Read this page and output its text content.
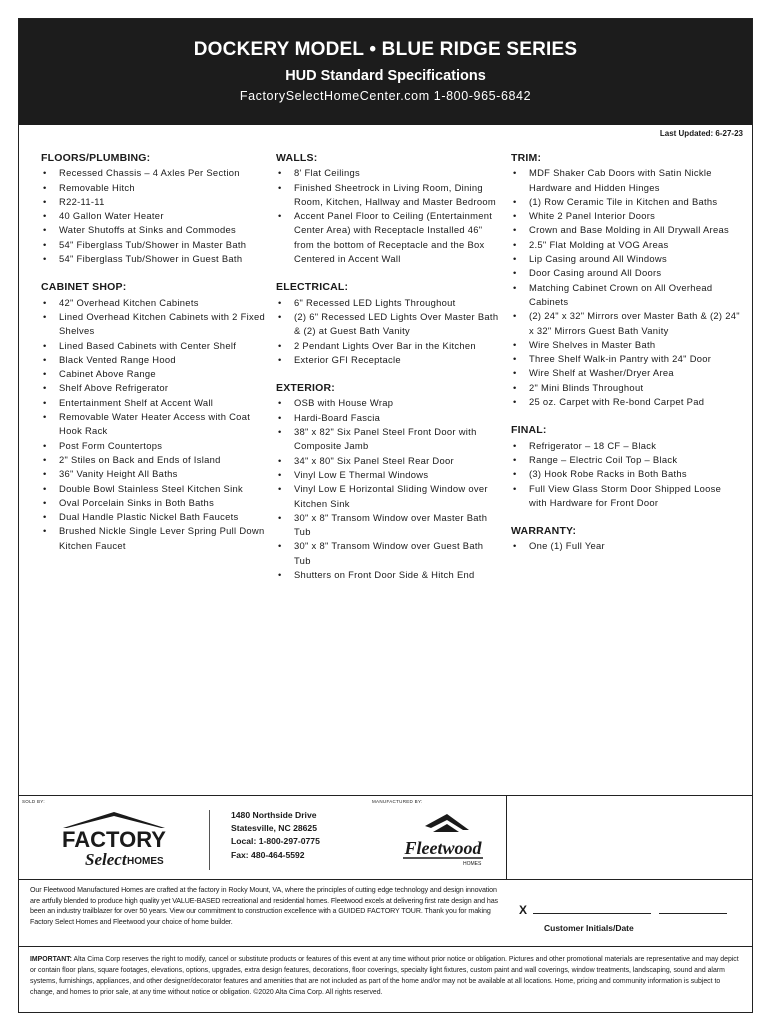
DOCKERY MODEL • BLUE RIDGE SERIES
HUD Standard Specifications
FactorySelectHomeCenter.com 1-800-965-6842
Last Updated: 6-27-23
FLOORS/PLUMBING:
• Recessed Chassis – 4 Axles Per Section
• Removable Hitch
• R22-11-11
• 40 Gallon Water Heater
• Water Shutoffs at Sinks and Commodes
• 54" Fiberglass Tub/Shower in Master Bath
• 54" Fiberglass Tub/Shower in Guest Bath
CABINET SHOP:
• 42" Overhead Kitchen Cabinets
• Lined Overhead Kitchen Cabinets with 2 Fixed Shelves
• Lined Based Cabinets with Center Shelf
• Black Vented Range Hood
• Cabinet Above Range
• Shelf Above Refrigerator
• Entertainment Shelf at Accent Wall
• Removable Water Heater Access with Coat Hook Rack
• Post Form Countertops
• 2" Stiles on Back and Ends of Island
• 36" Vanity Height All Baths
• Double Bowl Stainless Steel Kitchen Sink
• Oval Porcelain Sinks in Both Baths
• Dual Handle Plastic Nickel Bath Faucets
• Brushed Nickle Single Lever Spring Pull Down Kitchen Faucet
WALLS:
• 8' Flat Ceilings
• Finished Sheetrock in Living Room, Dining Room, Kitchen, Hallway and Master Bedroom
• Accent Panel Floor to Ceiling (Entertainment Center Area) with Receptacle Installed 46" from the bottom of Receptacle and the Box Centered in Accent Wall
ELECTRICAL:
• 6" Recessed LED Lights Throughout
• (2) 6" Recessed LED Lights Over Master Bath & (2) at Guest Bath Vanity
• 2 Pendant Lights Over Bar in the Kitchen
• Exterior GFI Receptacle
EXTERIOR:
• OSB with House Wrap
• Hardi-Board Fascia
• 38" x 82" Six Panel Steel Front Door with Composite Jamb
• 34" x 80" Six Panel Steel Rear Door
• Vinyl Low E Thermal Windows
• Vinyl Low E Horizontal Sliding Window over Kitchen Sink
• 30" x 8" Transom Window over Master Bath Tub
• 30" x 8" Transom Window over Guest Bath Tub
• Shutters on Front Door Side & Hitch End
TRIM:
• MDF Shaker Cab Doors with Satin Nickle Hardware and Hidden Hinges
• (1) Row Ceramic Tile in Kitchen and Baths
• White 2 Panel Interior Doors
• Crown and Base Molding in All Drywall Areas
• 2.5" Flat Molding at VOG Areas
• Lip Casing around All Windows
• Door Casing around All Doors
• Matching Cabinet Crown on All Overhead Cabinets
• (2) 24" x 32" Mirrors over Master Bath & (2) 24" x 32" Mirrors Guest Bath Vanity
• Wire Shelves in Master Bath
• Three Shelf Walk-in Pantry with 24" Door
• Wire Shelf at Washer/Dryer Area
• 2" Mini Blinds Throughout
• 25 oz. Carpet with Re-bond Carpet Pad
FINAL:
• Refrigerator – 18 CF – Black
• Range – Electric Coil Top – Black
• (3) Hook Robe Racks in Both Baths
• Full View Glass Storm Door Shipped Loose with Hardware for Front Door
WARRANTY:
• One (1) Full Year
SOLD BY:	MANUFACTURED BY:
FACTORY
Select HOMES
1480 Northside Drive
Statesville, NC 28625
Local: 1-800-297-0775
Fax: 480-464-5592	Fleetwood
HOMES
Our Fleetwood Manufactured Homes are crafted at the factory in Rocky Mount, VA, where the principles of cutting edge technology and design innovation are artfully blended to produce high quality yet VALUE-BASED recreational and residential homes. Fleetwood excels at delivering first rate design and has been an industry trailblazer for over 50 years. View our commitment to construction excellence with a GUIDED FACTORY TOUR. Thank you for making Factory Select Homes and Fleetwood your choice of home builder.
X
Customer Initials/Date
IMPORTANT: Alta Cima Corp reserves the right to modify, cancel or substitute products or features of this event at any time without prior notice or obligation. Pictures and other promotional materials are representative and may depict or contain floor plans, square footages, elevations, options, upgrades, extra design features, decorations, floor coverings, specialty light fixtures, custom paint and wall coverings, window treatments, landscaping, sound and alarm systems, furnishings, appliances, and other designer/decorator features and amenities that are not included as part of the home and/or may not be available at all locations. Home, pricing and community information is subject to change, and homes to prior sale, at any time without notice or obligation. ©2020 Alta Cima Corp. All rights reserved.
